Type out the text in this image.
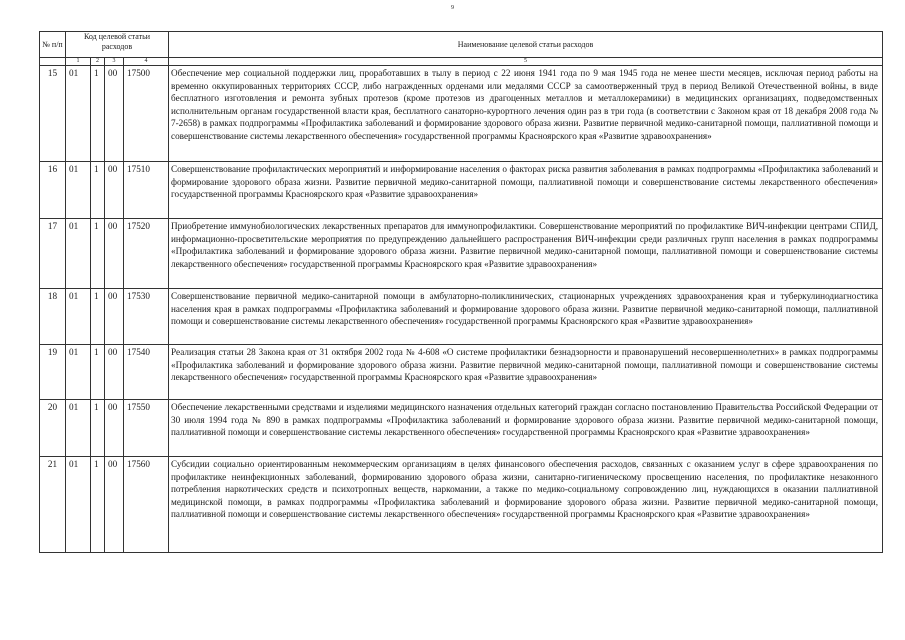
9
№ п/п	Код целевой статьи расходов				Наименование целевой статьи расходов
	1	2	3	4	5
15	01	1	00	17500	Обеспечение мер социальной поддержки лиц, проработавших в тылу в период с 22 июня 1941 года по 9 мая 1945 года не менее шести месяцев, исключая период работы на временно оккупированных территориях СССР, либо награжденных орденами или медалями СССР за самоотверженный труд в период Великой Отечественной войны, в виде бесплатного изготовления и ремонта зубных протезов (кроме протезов из драгоценных металлов и металлокерамики) в медицинских организациях, подведомственных исполнительным органам государственной власти края, бесплатного санаторно-курортного лечения один раз в три года (в соответствии с Законом края от 18 декабря 2008 года № 7-2658) в рамках подпрограммы «Профилактика заболеваний и формирование здорового образа жизни. Развитие первичной медико-санитарной помощи, паллиативной помощи и совершенствование системы лекарственного обеспечения» государственной программы Красноярского края «Развитие здравоохранения»
16	01	1	00	17510	Совершенствование профилактических мероприятий и информирование населения о факторах риска развития заболевания в рамках подпрограммы «Профилактика заболеваний и формирование здорового образа жизни. Развитие первичной медико-санитарной помощи, паллиативной помощи и совершенствование системы лекарственного обеспечения» государственной программы Красноярского края «Развитие здравоохранения»
17	01	1	00	17520	Приобретение иммунобиологических лекарственных препаратов для иммунопрофилактики. Совершенствование мероприятий по профилактике ВИЧ-инфекции центрами СПИД, информационно-просветительские мероприятия по предупреждению дальнейшего распространения ВИЧ-инфекции среди различных групп населения в рамках подпрограммы «Профилактика заболеваний и формирование здорового образа жизни. Развитие первичной медико-санитарной помощи, паллиативной помощи и совершенствование системы лекарственного обеспечения» государственной программы Красноярского края «Развитие здравоохранения»
18	01	1	00	17530	Совершенствование первичной медико-санитарной помощи в амбулаторно-поликлинических, стационарных учреждениях здравоохранения края и туберкулинодиагностика населения края в рамках подпрограммы «Профилактика заболеваний и формирование здорового образа жизни. Развитие первичной медико-санитарной помощи, паллиативной помощи и совершенствование системы лекарственного обеспечения» государственной программы Красноярского края «Развитие здравоохранения»
19	01	1	00	17540	Реализация статьи 28 Закона края от 31 октября 2002 года № 4-608 «О системе профилактики безнадзорности и правонарушений несовершеннолетних» в рамках подпрограммы «Профилактика заболеваний и формирование здорового образа жизни. Развитие первичной медико-санитарной помощи, паллиативной помощи и совершенствование системы лекарственного обеспечения» государственной программы Красноярского края «Развитие здравоохранения»
20	01	1	00	17550	Обеспечение лекарственными средствами и изделиями медицинского назначения отдельных категорий граждан согласно постановлению Правительства Российской Федерации от 30 июля 1994 года № 890 в рамках подпрограммы «Профилактика заболеваний и формирование здорового образа жизни. Развитие первичной медико-санитарной помощи, паллиативной помощи и совершенствование системы лекарственного обеспечения» государственной программы Красноярского края «Развитие здравоохранения»
21	01	1	00	17560	Субсидии социально ориентированным некоммерческим организациям в целях финансового обеспечения расходов, связанных с оказанием услуг в сфере здравоохранения по профилактике неинфекционных заболеваний, формированию здорового образа жизни, санитарно-гигиеническому просвещению населения, по профилактике незаконного потребления наркотических средств и психотропных веществ, наркомании, а также по медико-социальному сопровождению лиц, нуждающихся в оказании паллиативной медицинской помощи, в рамках подпрограммы «Профилактика заболеваний и формирование здорового образа жизни. Развитие первичной медико-санитарной помощи, паллиативной помощи и совершенствование системы лекарственного обеспечения» государственной программы Красноярского края «Развитие здравоохранения»
